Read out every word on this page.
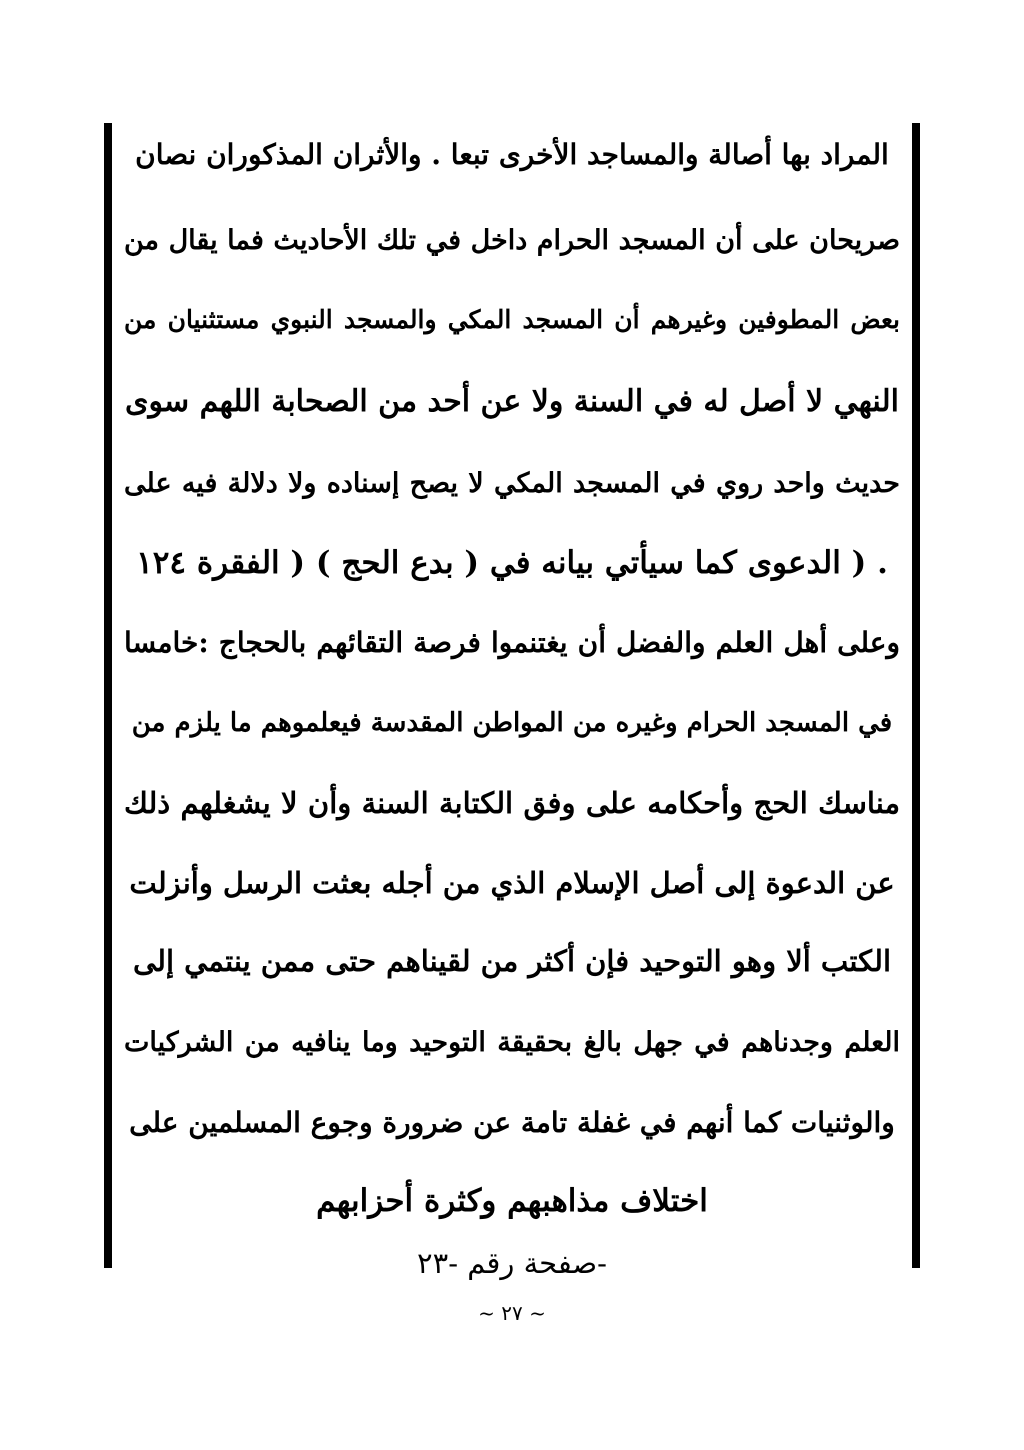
المراد بها أصالة والمساجد الأخرى تبعا . والأثران المذكوران نصان
صريحان على أن المسجد الحرام داخل في تلك الأحاديث فما يقال من
بعض المطوفين وغيرهم أن المسجد المكي والمسجد النبوي مستثنيان من
النهي لا أصل له في السنة ولا عن أحد من الصحابة اللهم سوى
حديث واحد روي في المسجد المكي لا يصح إسناده ولا دلالة فيه على
. ( الدعوى كما سيأتي بيانه في ( بدع الحج ) ( الفقرة ١٢٤
وعلى أهل العلم والفضل أن يغتنموا فرصة التقائهم بالحجاج :خامسا
في المسجد الحرام وغيره من المواطن المقدسة فيعلموهم ما يلزم من
مناسك الحج وأحكامه على وفق الكتابة السنة وأن لا يشغلهم ذلك
عن الدعوة إلى أصل الإسلام الذي من أجله بعثت الرسل وأنزلت
الكتب ألا وهو التوحيد فإن أكثر من لقيناهم حتى ممن ينتمي إلى
العلم وجدناهم في جهل بالغ بحقيقة التوحيد وما ينافيه من الشركيات
والوثنيات كما أنهم في غفلة تامة عن ضرورة وجوع المسلمين على
اختلاف مذاهبهم وكثرة أحزابهم
-صفحة رقم -٢٣
~ ٢٧ ~
